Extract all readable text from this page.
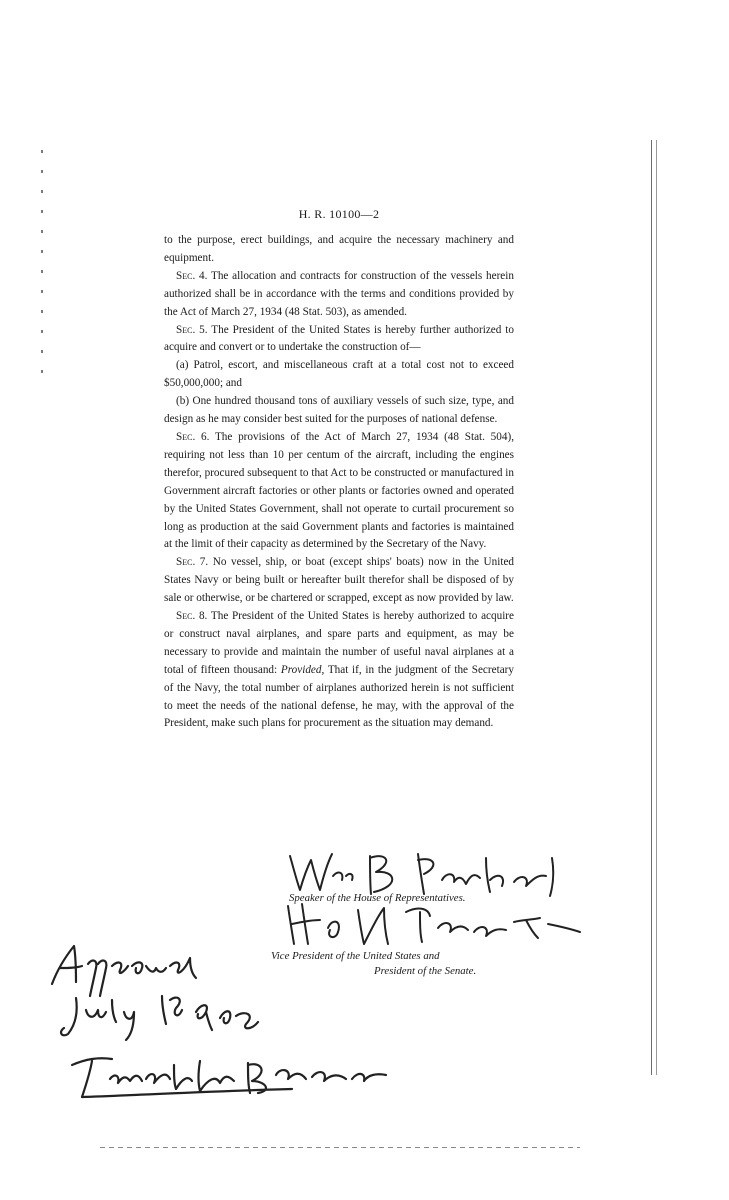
H. R. 10100—2

to the purpose, erect buildings, and acquire the necessary machinery and equipment.

Sec. 4. The allocation and contracts for construction of the vessels herein authorized shall be in accordance with the terms and conditions provided by the Act of March 27, 1934 (48 Stat. 503), as amended.

Sec. 5. The President of the United States is hereby further authorized to acquire and convert or to undertake the construction of—

(a) Patrol, escort, and miscellaneous craft at a total cost not to exceed $50,000,000; and

(b) One hundred thousand tons of auxiliary vessels of such size, type, and design as he may consider best suited for the purposes of national defense.

Sec. 6. The provisions of the Act of March 27, 1934 (48 Stat. 504), requiring not less than 10 per centum of the aircraft, including the engines therefor, procured subsequent to that Act to be constructed or manufactured in Government aircraft factories or other plants or factories owned and operated by the United States Government, shall not operate to curtail procurement so long as production at the said Government plants and factories is maintained at the limit of their capacity as determined by the Secretary of the Navy.

Sec. 7. No vessel, ship, or boat (except ships' boats) now in the United States Navy or being built or hereafter built therefor shall be disposed of by sale or otherwise, or be chartered or scrapped, except as now provided by law.

Sec. 8. The President of the United States is hereby authorized to acquire or construct naval airplanes, and spare parts and equipment, as may be necessary to provide and maintain the number of useful naval airplanes at a total of fifteen thousand: Provided, That if, in the judgment of the Secretary of the Navy, the total number of airplanes authorized herein is not sufficient to meet the needs of the national defense, he may, with the approval of the President, make such plans for procurement as the situation may demand.

Speaker of the House of Representatives.
Vice President of the United States and
President of the Senate.
